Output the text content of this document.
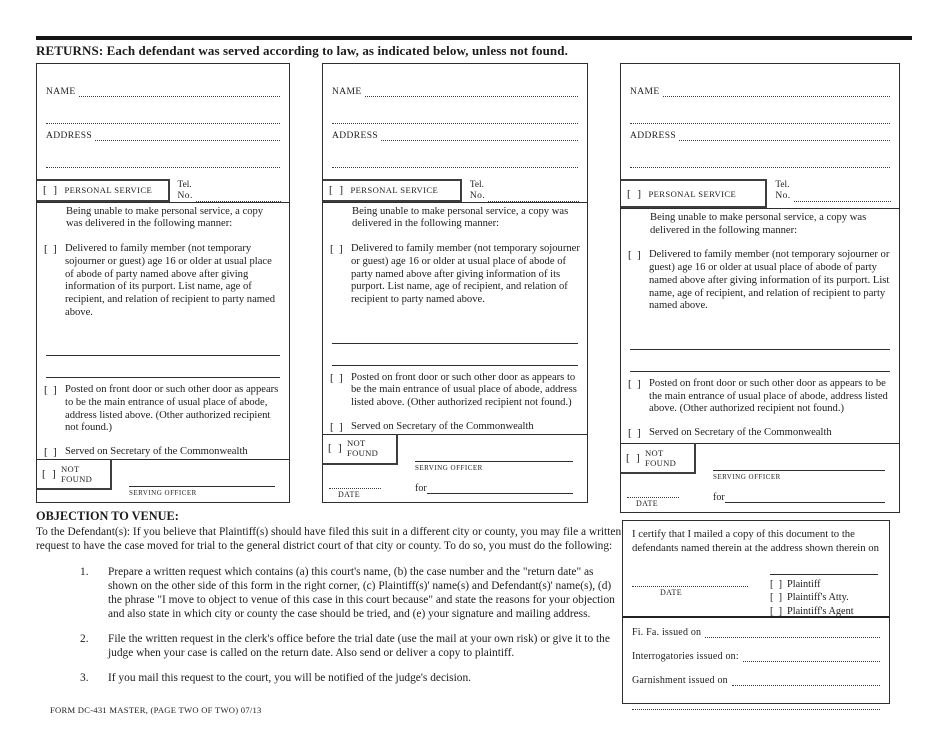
RETURNS: Each defendant was served according to law, as indicated below, unless not found.
NAME
ADDRESS
[  ] PERSONAL SERVICE
Tel.
No.

Being unable to make personal service, a copy was delivered in the following manner:

[  ] Delivered to family member (not temporary sojourner or guest) age 16 or older at usual place of abode of party named above after giving information of its purport. List name, age of recipient, and relation of recipient to party named above.

[  ] Posted on front door or such other door as appears to be the main entrance of usual place of abode, address listed above. (Other authorized recipient not found.)

[  ] Served on Secretary of the Commonwealth

[  ] NOT FOUND
SERVING OFFICER
NAME
ADDRESS
[  ] PERSONAL SERVICE
Tel.
No.

Being unable to make personal service, a copy was delivered in the following manner:

[  ] Delivered to family member (not temporary sojourner or guest) age 16 or older at usual place of abode of party named above after giving information of its purport. List name, age of recipient, and relation of recipient to party named above.

[  ] Posted on front door or such other door as appears to be the main entrance of usual place of abode, address listed above. (Other authorized recipient not found.)

[  ] Served on Secretary of the Commonwealth

[  ] NOT FOUND
SERVING OFFICER
for
DATE
NAME
ADDRESS
[  ] PERSONAL SERVICE
Tel.
No.

Being unable to make personal service, a copy was delivered in the following manner:

[  ] Delivered to family member (not temporary sojourner or guest) age 16 or older at usual place of abode of party named above after giving information of its purport. List name, age of recipient, and relation of recipient to party named above.

[  ] Posted on front door or such other door as appears to be the main entrance of usual place of abode, address listed above. (Other authorized recipient not found.)

[  ] Served on Secretary of the Commonwealth

[  ] NOT FOUND
SERVING OFFICER
for
DATE
OBJECTION TO VENUE:
To the Defendant(s): If you believe that Plaintiff(s) should have filed this suit in a different city or county, you may file a written request to have the case moved for trial to the general district court of that city or county. To do so, you must do the following:
1.	Prepare a written request which contains (a) this court's name, (b) the case number and the "return date" as shown on the other side of this form in the right corner, (c) Plaintiff(s)' name(s) and Defendant(s)' name(s), (d) the phrase "I move to object to venue of this case in this court because" and state the reasons for your objection and also state in which city or county the case should be tried, and (e) your signature and mailing address.
2.	File the written request in the clerk's office before the trial date (use the mail at your own risk) or give it to the judge when your case is called on the return date. Also send or deliver a copy to plaintiff.
3.	If you mail this request to the court, you will be notified of the judge's decision.
I certify that I mailed a copy of this document to the defendants named therein at the address shown therein on
DATE
[  ] Plaintiff
[  ] Plaintiff's Atty.
[  ] Plaintiff's Agent
Fi. Fa. issued on
Interrogatories issued on:
Garnishment issued on
FORM DC-431 MASTER, (PAGE TWO OF TWO) 07/13
